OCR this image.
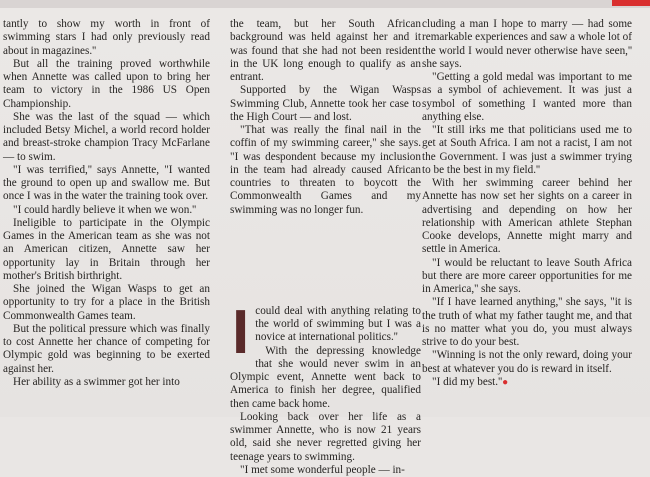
tantly to show my worth in front of swimming stars I had only previously read about in magazines.''

But all the training proved worthwhile when Annette was called upon to bring her team to victory in the 1986 US Open Championship.

She was the last of the squad — which included Betsy Michel, a world record holder and breast-stroke champion Tracy McFarlane — to swim.

"I was terrified,'' says Annette, "I wanted the ground to open up and swallow me. But once I was in the water the training took over.

"I could hardly believe it when we won.''

Ineligible to participate in the Olympic Games in the American team as she was not an American citizen, Annette saw her opportunity lay in Britain through her mother's British birthright.

She joined the Wigan Wasps to get an opportunity to try for a place in the British Commonwealth Games team.

But the political pressure which was finally to cost Annette her chance of competing for Olympic gold was beginning to be exerted against her.

Her ability as a swimmer got her into

the team, but her South African background was held against her and it was found that she had not been resident in the UK long enough to qualify as an entrant.

Supported by the Wigan Wasps Swimming Club, Annette took her case to the High Court — and lost.

"That was really the final nail in the coffin of my swimming career,'' she says. "I was despondent because my inclusion in the team had already caused African countries to threaten to boycott the Commonwealth Games and my swimming was no longer fun.

Icould deal with anything relating to the world of swimming but I was a novice at international politics.''

With the depressing knowledge that she would never swim in an Olympic event, Annette went back to America to finish her degree, qualified then came back home.

Looking back over her life as a swimmer Annette, who is now 21 years old, said she never regretted giving her teenage years to swimming.

"I met some wonderful people — in-

cluding a man I hope to marry — had some remarkable experiences and saw a whole lot of the world I would never otherwise have seen,'' she says.

"Getting a gold medal was important to me as a symbol of achievement. It was just a symbol of something I wanted more than anything else.

"It still irks me that politicians used me to get at South Africa. I am not a racist, I am not the Government. I was just a swimmer trying to be the best in my field.''

With her swimming career behind her Annette has now set her sights on a career in advertising and depending on how her relationship with American athlete Stephan Cooke develops, Annette might marry and settle in America.

"I would be reluctant to leave South Africa but there are more career opportunities for me in America,'' she says.

"If I have learned anything,'' she says, "it is the truth of what my father taught me, and that is no matter what you do, you must always strive to do your best.

"Winning is not the only reward, doing your best at whatever you do is reward in itself.

"I did my best.''●
